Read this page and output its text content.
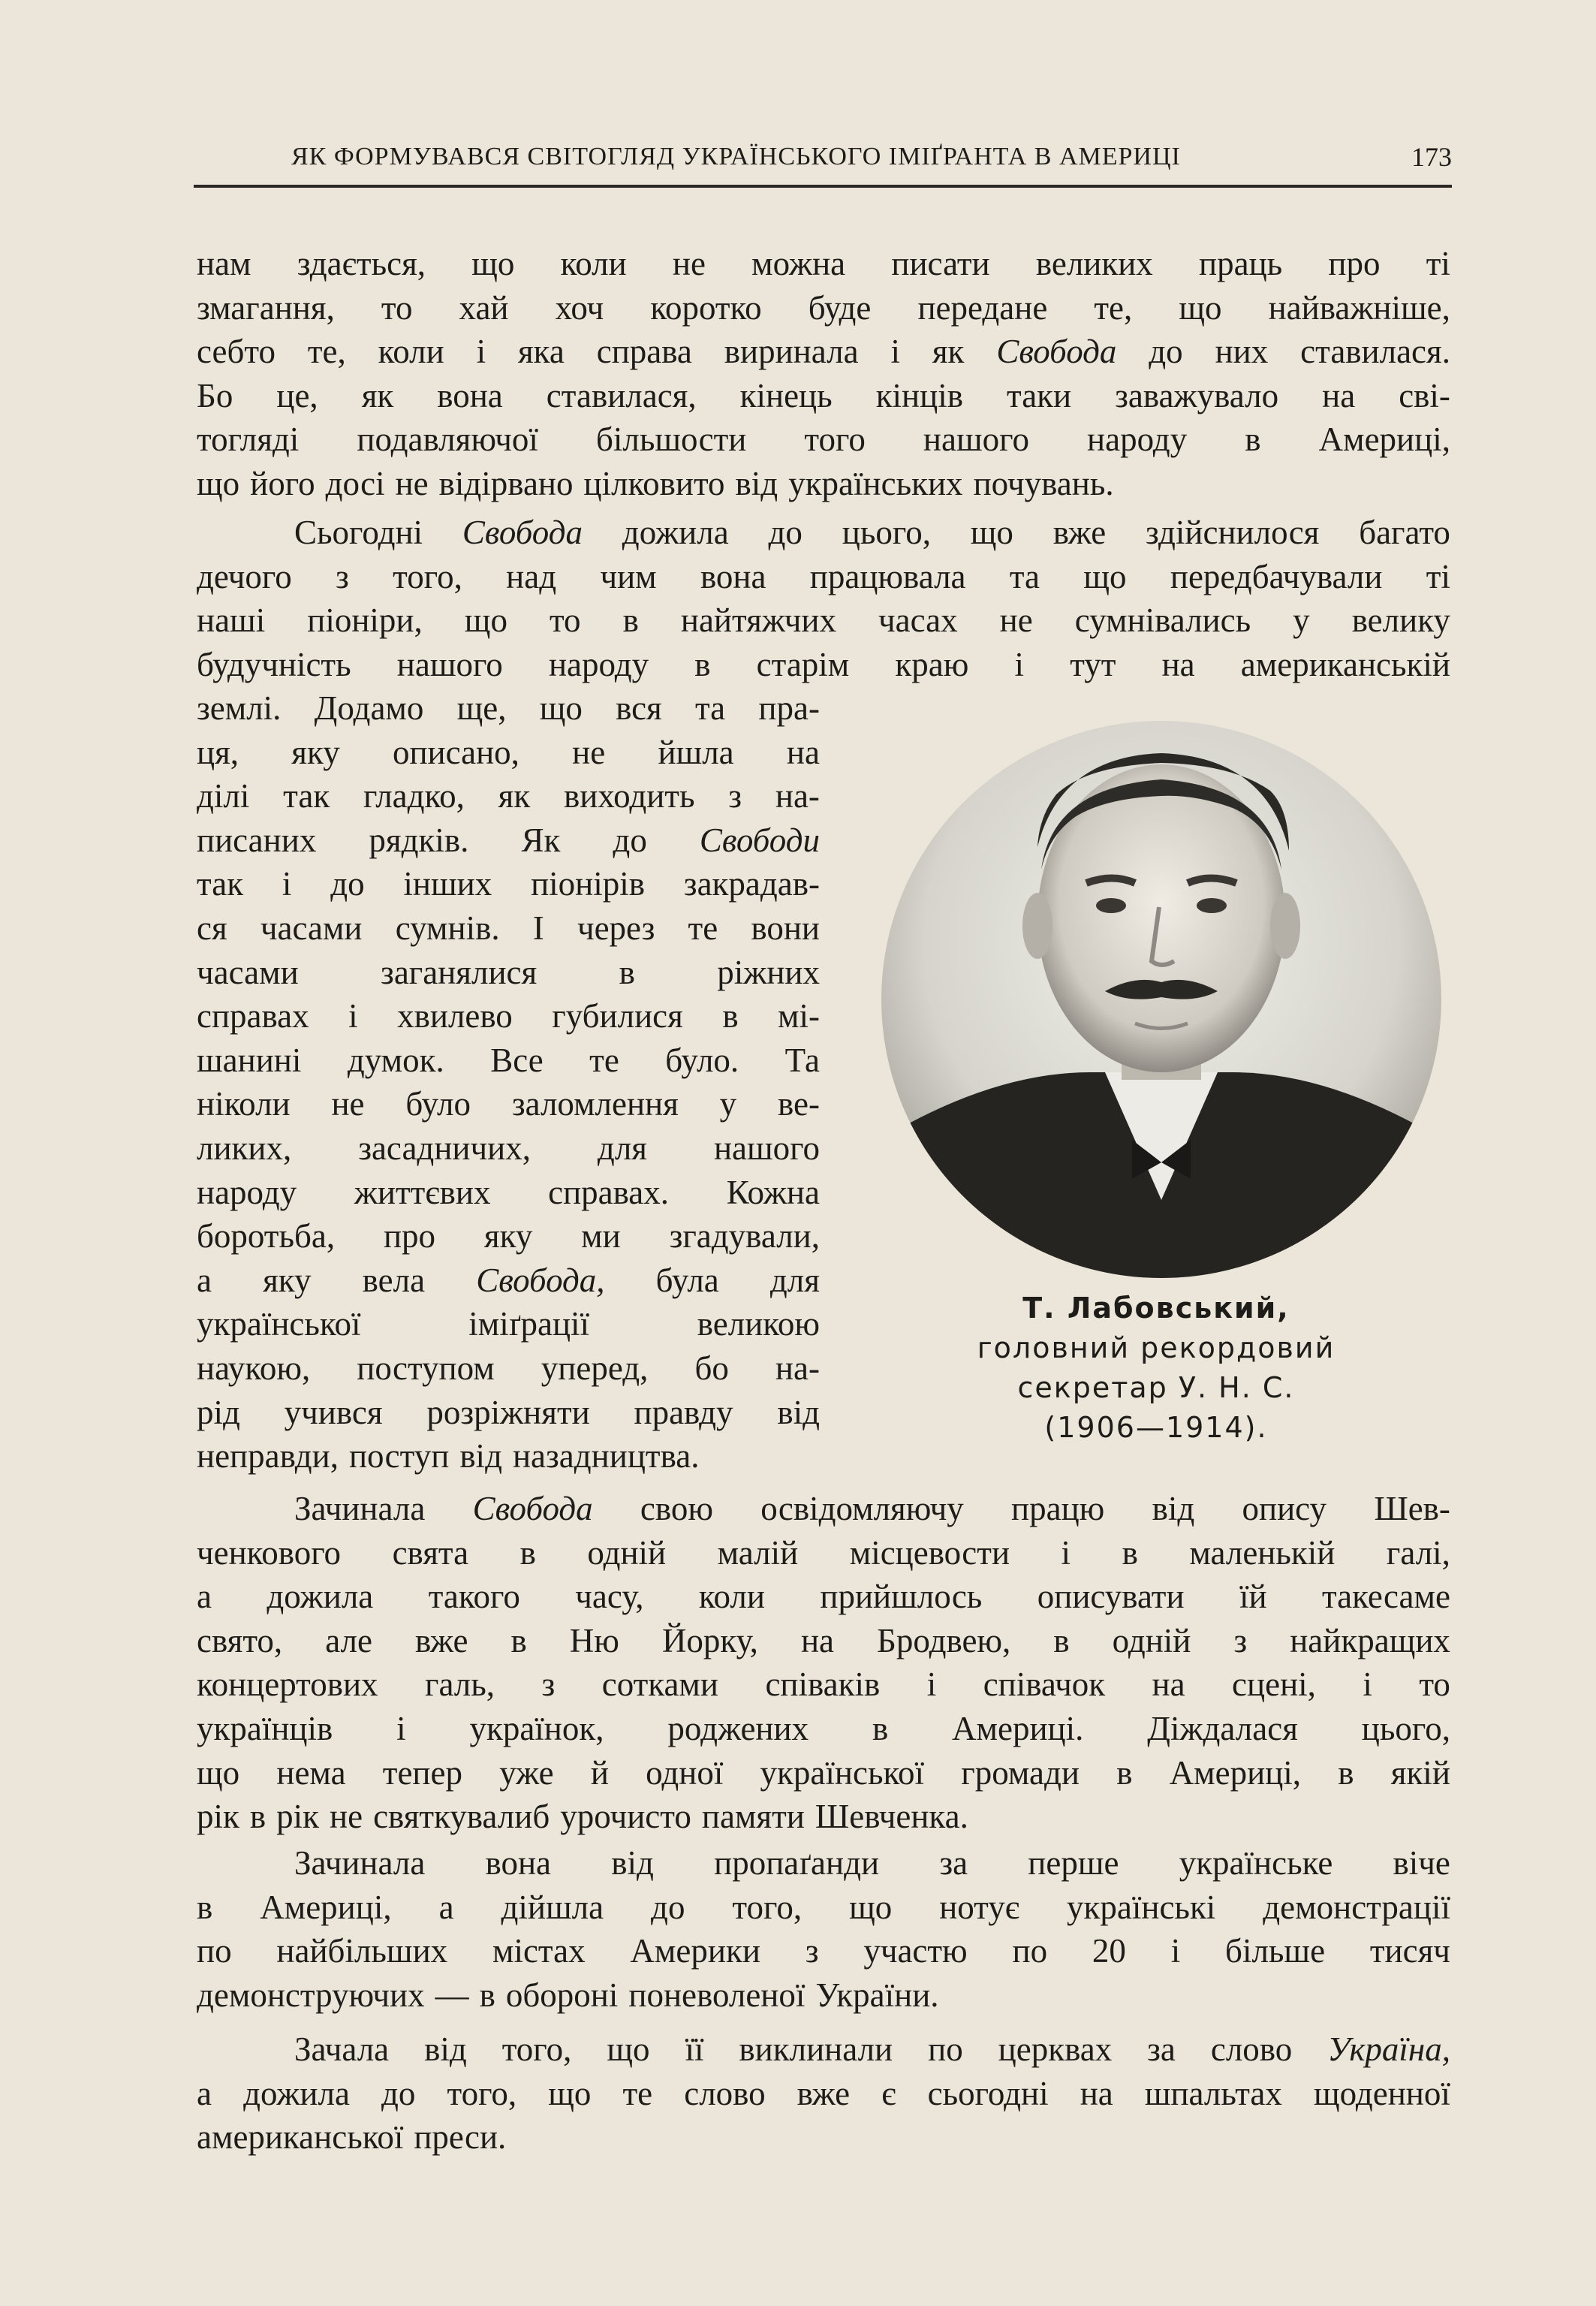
ЯК ФОРМУВАВСЯ СВІТОГЛЯД УКРАЇНСЬКОГО ІМІҐРАНТА В АМЕРИЦІ	173
нам здається, що коли не можна писати великих праць про ті
змагання, то хай хоч коротко буде передане те, що найважніше,
себто те, коли і яка справа виринала і як Свобода до них ставилася.
Бо це, як вона ставилася, кінець кінців таки заважувало на сві-
тогляді подавляючої більшости того нашого народу в Америці,
що його досі не відірвано цілковито від українських почувань.
Сьогодні Свобода дожила до цього, що вже здійснилося багато
дечого з того, над чим вона працювала та що передбачували ті
наші піоніри, що то в найтяжчих часах не сумнівались у велику
будучність нашого народу в старім краю і тут на американській
землі. Додамо ще, що вся та пра-
ця, яку описано, не йшла на
ділі так гладко, як виходить з на-
писаних рядків. Як до Свободи
так і до інших піонірів закрадав-
ся часами сумнів. І через те вони
часами заганялися в ріжних
справах і хвилево губилися в мі-
шанині думок. Все те було. Та
ніколи не було заломлення у ве-
ликих, засадничих, для нашого
народу життєвих справах. Кожна
боротьба, про яку ми згадували,
а яку вела Свобода, була для
української	іміґрації	великою
наукою, поступом уперед, бо на-
рід учився розріжняти правду від
неправди, поступ від назадництва.
Т. Лабовський,
головний рекордовий
секретар У. Н. С.
(1906—1914).
Зачинала Свобода свою освідомляючу працю від опису Шев-
ченкового свята в одній малій місцевости і в маленькій галі,
а дожила такого часу, коли прийшлось описувати їй такесаме
свято, але вже в Ню Йорку, на Бродвею, в одній з найкращих
концертових галь, з сотками співаків і співачок на сцені, і то
українців і українок, роджених в Америці. Діждалася цього,
що нема тепер уже й одної української громади в Америці, в якій
рік в рік не святкувалиб урочисто памяти Шевченка.
Зачинала вона від пропаґанди за перше українське віче
в Америці, а дійшла до того, що нотує українські демонстрації
по найбільших містах Америки з участю по 20 і більше тисяч
демонструючих — в обороні поневоленої України.
Зачала від того, що її виклинали по церквах за слово Україна,
а дожила до того, що те слово вже є сьогодні на шпальтах щоденної
американської преси.
